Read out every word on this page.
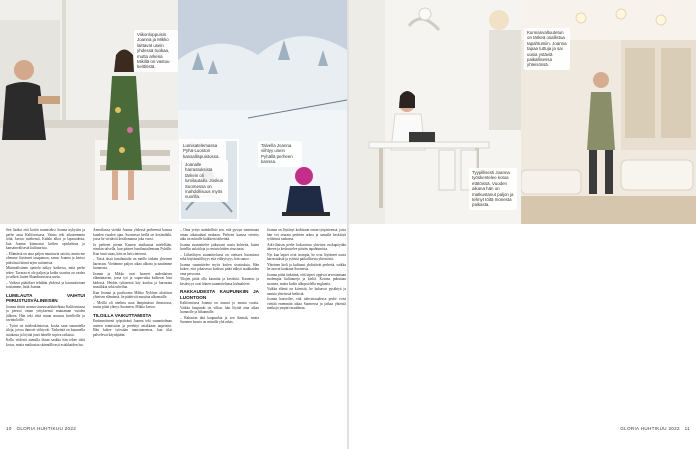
Viikonloppuisin Joanna ja Mikko laittavat usein yhdessä ruokaa, mutta arkena Mikillä on vastuu keittiöstä.
Lumisatelemassa Pyhä-Luoston kansallispuistossa.
Joanalle harrastuksista tärkein oli lumilautailu. Joskus Suomessa on mahdollisuus myös vuorilla.
Talvella Joanna viihtyy usein Pyhällä perheen kanssa.
Tyypillisesti Joanna työskentelee kotoa etätöissä. Vuoden aikana hän on matkustanut paljon ja tehnyt töitä monesta paikasta.
Kunnanvaltuutetun on tärkeä osallistua tapahtumiin. Joanna tapaa tuttuja ja sai uusia ystäviä paikallisessa yhteisössä.

Sen lisäksi että kotiin tuomiseksi Joanna nykyisin ja perhe asuu Kaliforniassa. Vaimo teki aikaisemmin töitä, kertoo miehensä. Kaikki alkoi jo lapsuudesta, kun Joanna kiinnostui kielten opiskelusta ja kansainvälisestä kulttuurista.

– Elämässä on aina paljon muuttuvia asioita, mutta me olemme löytäneet tasapainon, sanoo Joanna ja kertoo pitävänsä kiinni arjen rutiineista.

Minimalistinen ajattelu näkyy kaikessa, mitä perhe tekee. Tavaraa ei ole paljon ja kodin sisustus on vaalea ja selkeä, kuten Skandinaviassa usein.

– Vaikeat päätökset tehdään yhdessä ja kunnioitetaan toisiamme, lisää Joanna.

LUMILAUTA VAIHTUI PIIRUSTUSVÄLINEISIIN

Joanna aloitti uransa sisustusarkkitehtina Kaliforniassa ja perusti oman yrityksensä muutaman vuoden jälkeen. Hän teki töitä muun muassa hotelleille ja ravintoloille.

– Työni on mielenkiintoista, koska saan suunnitella tiloja, joissa ihmiset viihtyvät. Tärkeintä on kuunnella asiakasta ja löytää juuri hänelle sopiva ratkaisu.

Kello viidestä aamulla iltaan saakka hän tekee töitä kotoa, mutta matkustaa säännöllisesti asiakkaiden luo.

Amerikassa viettää Joanna yhdessä perheensä kanssa kuuden vuoden ajan. Suomessa heillä on kesämökki, jossa he viettävät kesälomansa joka vuosi.

Ja perheen pienin Kaaren matkustaa mielellään, etenkin talvella, kun pääsee lumilautailemaan Pyhälle. Kun lumi sataa, hän on heti rinteessä.

– Tässä iässä lumilautailu on meille tärkein yhteinen harrastus. Vietämme paljon aikaa ulkona ja nautimme luonnosta.

Joanna ja Mikko ovat luoneet uudenlaisen elämäntavan, jossa työ ja vapaa-aika kulkevat käsi kädessä. Heidän tyttärensä käy koulua ja harrastaa musiikkia sekä urheilua.

Kun Joanna ja puolisonsa Mikko Nyblom aloittivat yhteisen elämänsä, he päättivät muuttaa ulkomaille.

– Meillä oli unelma asua lämpimässä ilmastossa, mutta pitää yhteys Suomeen, Mikko kertoo.

TILOILLA VAIKUTTAMISTA

Ensimmäisenä työpäivänä Joanna teki suunnitelman uuteen toimistoon ja perehtyi asiakkaan tarpeisiin. Hän kokee työssään onnistuneensa, kun tilat palvelevat käyttäjiään.

– Oma yritys mahdollisti sen, että pystyn toimimaan oman aikatauluni mukaan. Perheen kanssa vietetty aika on minulle kaikkein tärkeintä.

Joanna suunnittelee jatkuvasti uusia kohteita, kuten hotellin aulatiloja ja ravintoloiden sisustusta.

– Liiketilojen suunnittelussa on otettava huomioon sekä käytännöllisyys että viihtyisyys, hän sanoo.

Joanna suunnittelee myös kotien sisustuksia. Hän kokee, että jokaisessa kodissa pitää näkyä asukkaiden oma persoona.

Tilojen pitää olla kauniita ja kestäviä. Kauneus ja kestävyys ovat hänen suunnittelunsa kulmakivet.

RAKKAUDESTA KAUPUNKIIN JA LUONTOON

Kaliforniassa Joanna on asunut jo monta vuotta. Vaikka kaupunki on vilkas, hän löytää aina aikaa luonnolle ja liikunnalle.

– Rakastan tätä kaupunkia ja sen ihmisiä, mutta Suomen luonto on minulle yhä rakas.

Joanna on löytänyt kodistaan oman työpisteensä, josta hän voi seurata perheen arkea ja samalla keskittyä työhönsä rauhassa.

Arki-iltaisin perhe kokoontuu yhteisen ruokapöydän ääreen ja keskustelee päivän tapahtumista.

Nyt kun lapset ovat isompia, he ovat löytäneet uusia harrastuksia ja ystäviä paikallisesta yhteisöstä.

Yhteinen kieli ja kulttuuri yhdistävät perhettä, vaikka he asuvat kaukana Suomesta.

Joanna pitää tärkeänä, että lapset oppivat arvostamaan molempia kulttuureja ja kieliä. Kotona puhutaan suomea, mutta kodin ulkopuolella englantia.

Vaikka elämä on kiireistä, he haluavat pysähtyä ja nauttia yhteisistä hetkistä.

Joanna haaveilee, että tulevaisuudessa perhe voisi viettää enemmän aikaa Suomessa ja jatkaa yhteisiä matkoja ympäri maailmaa.

10 GLORIA HUHTIKUU 2022	GLORIA HUHTIKUU 2022 11
